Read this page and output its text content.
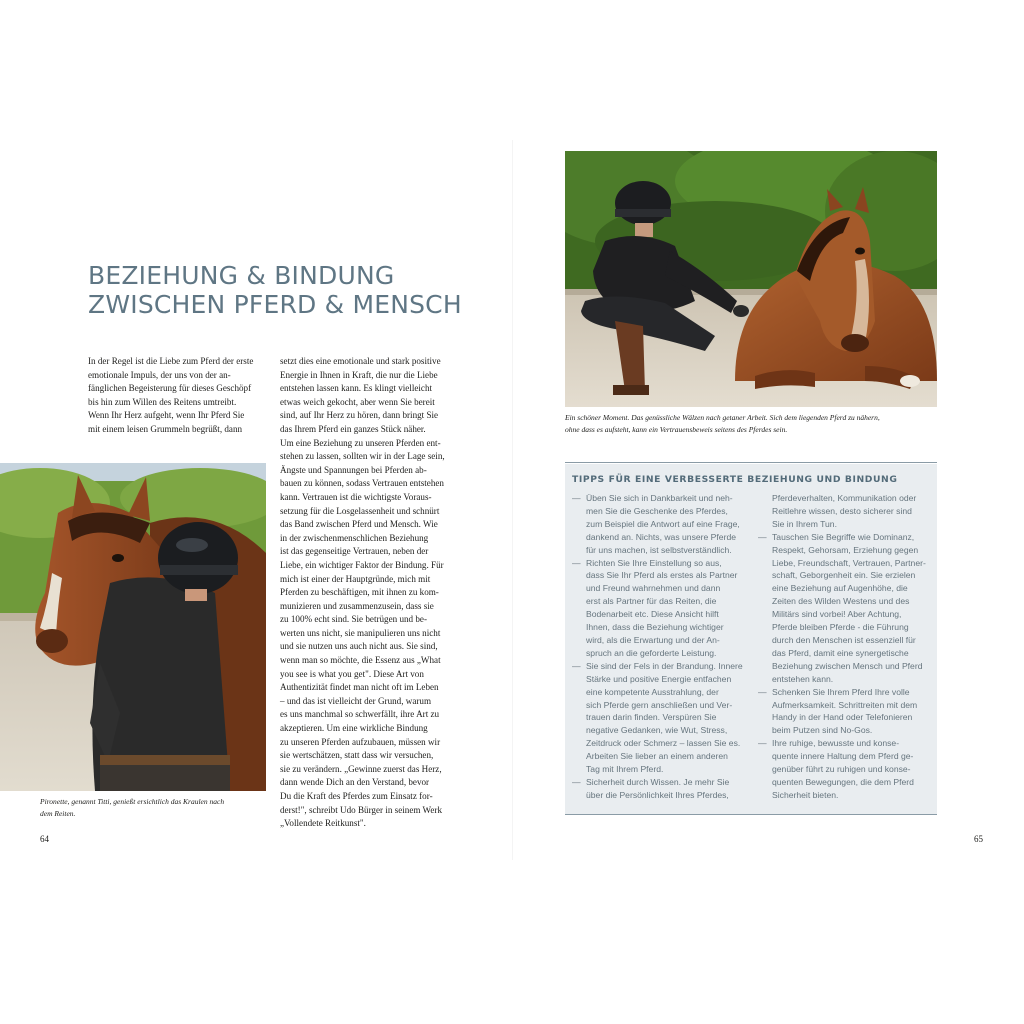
BEZIEHUNG & BINDUNG
ZWISCHEN PFERD & MENSCH
In der Regel ist die Liebe zum Pferd der erste
emotionale Impuls, der uns von der an-
fänglichen Begeisterung für dieses Geschöpf
bis hin zum Willen des Reitens umtreibt.
Wenn Ihr Herz aufgeht, wenn Ihr Pferd Sie
mit einem leisen Grummeln begrüßt, dann
setzt dies eine emotionale und stark positive
Energie in Ihnen in Kraft, die nur die Liebe
entstehen lassen kann. Es klingt vielleicht
etwas weich gekocht, aber wenn Sie bereit
sind, auf Ihr Herz zu hören, dann bringt Sie
das Ihrem Pferd ein ganzes Stück näher.
Um eine Beziehung zu unseren Pferden ent-
stehen zu lassen, sollten wir in der Lage sein,
Ängste und Spannungen bei Pferden ab-
bauen zu können, sodass Vertrauen entstehen
kann. Vertrauen ist die wichtigste Voraus-
setzung für die Losgelassenheit und schnürt
das Band zwischen Pferd und Mensch. Wie
in der zwischenmenschlichen Beziehung
ist das gegenseitige Vertrauen, neben der
Liebe, ein wichtiger Faktor der Bindung. Für
mich ist einer der Hauptgründe, mich mit
Pferden zu beschäftigen, mit ihnen zu kom-
munizieren und zusammenzusein, dass sie
zu 100% echt sind. Sie betrügen und be-
werten uns nicht, sie manipulieren uns nicht
und sie nutzen uns auch nicht aus. Sie sind,
wenn man so möchte, die Essenz aus „What
you see is what you get". Diese Art von
Authentizität findet man nicht oft im Leben
– und das ist vielleicht der Grund, warum
es uns manchmal so schwerfällt, ihre Art zu
akzeptieren. Um eine wirkliche Bindung
zu unseren Pferden aufzubauen, müssen wir
sie wertschätzen, statt dass wir versuchen,
sie zu verändern. „Gewinne zuerst das Herz,
dann wende Dich an den Verstand, bevor
Du die Kraft des Pferdes zum Einsatz for-
derst!", schreibt Udo Bürger in seinem Werk
„Vollendete Reitkunst".
Pironette, genannt Titti, genießt ersichtlich das Kraulen nach
dem Reiten.
Ein schöner Moment. Das genüssliche Wälzen nach getaner Arbeit. Sich dem liegenden Pferd zu nähern,
ohne dass es aufsteht, kann ein Vertrauensbeweis seitens des Pferdes sein.
TIPPS FÜR EINE VERBESSERTE BEZIEHUNG UND BINDUNG
— Üben Sie sich in Dankbarkeit und neh-
men Sie die Geschenke des Pferdes,
zum Beispiel die Antwort auf eine Frage,
dankend an. Nichts, was unsere Pferde
für uns machen, ist selbstverständlich.
— Richten Sie Ihre Einstellung so aus,
dass Sie Ihr Pferd als erstes als Partner
und Freund wahrnehmen und dann
erst als Partner für das Reiten, die
Bodenarbeit etc. Diese Ansicht hilft
Ihnen, dass die Beziehung wichtiger
wird, als die Erwartung und der An-
spruch an die geforderte Leistung.
— Sie sind der Fels in der Brandung. Innere
Stärke und positive Energie entfachen
eine kompetente Ausstrahlung, der
sich Pferde gern anschließen und Ver-
trauen darin finden. Verspüren Sie
negative Gedanken, wie Wut, Stress,
Zeitdruck oder Schmerz – lassen Sie es.
Arbeiten Sie lieber an einem anderen
Tag mit Ihrem Pferd.
— Sicherheit durch Wissen. Je mehr Sie
über die Persönlichkeit Ihres Pferdes,
Pferdeverhalten, Kommunikation oder
Reitlehre wissen, desto sicherer sind
Sie in Ihrem Tun.
— Tauschen Sie Begriffe wie Dominanz,
Respekt, Gehorsam, Erziehung gegen
Liebe, Freundschaft, Vertrauen, Partner-
schaft, Geborgenheit ein. Sie erzielen
eine Beziehung auf Augenhöhe, die
Zeiten des Wilden Westens und des
Militärs sind vorbei! Aber Achtung,
Pferde bleiben Pferde - die Führung
durch den Menschen ist essenziell für
das Pferd, damit eine synergetische
Beziehung zwischen Mensch und Pferd
entstehen kann.
— Schenken Sie Ihrem Pferd Ihre volle
Aufmerksamkeit. Schrittreiten mit dem
Handy in der Hand oder Telefonieren
beim Putzen sind No-Gos.
— Ihre ruhige, bewusste und konse-
quente innere Haltung dem Pferd ge-
genüber führt zu ruhigen und konse-
quenten Bewegungen, die dem Pferd
Sicherheit bieten.
64	65
